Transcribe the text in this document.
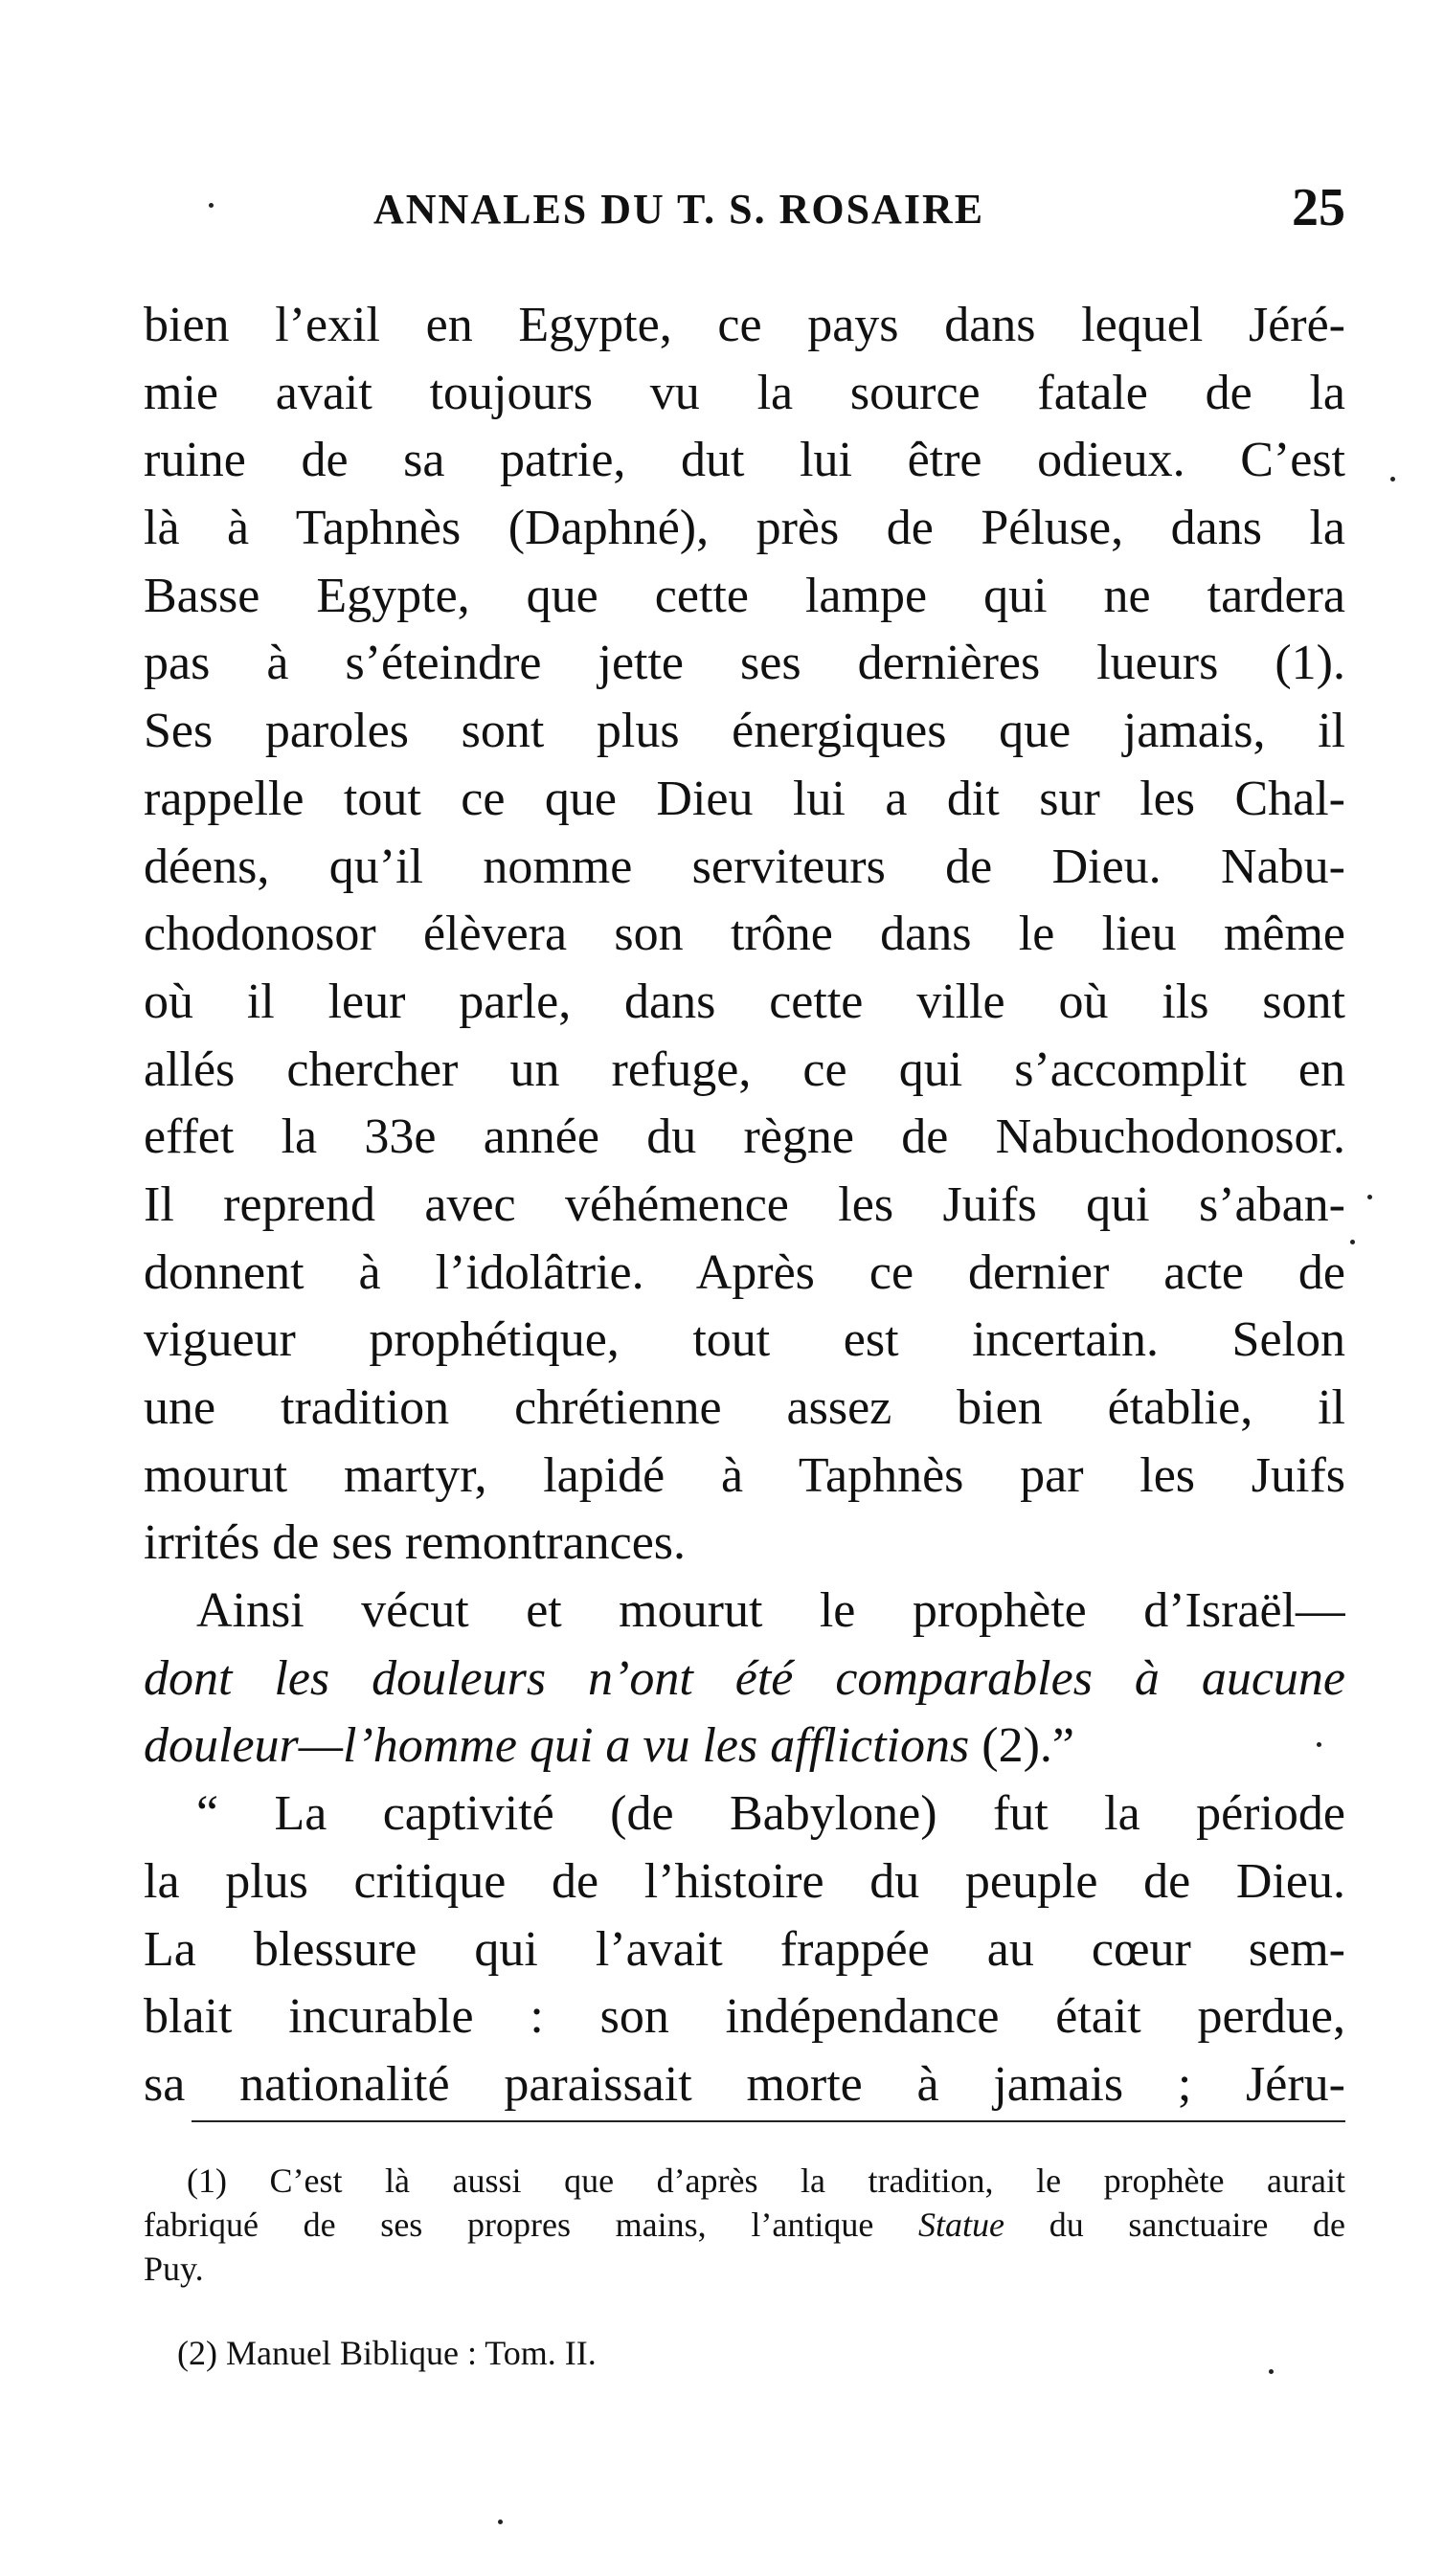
ANNALES DU T. S. ROSAIRE	25
bien l’exil en Egypte, ce pays dans lequel Jéré-
mie avait toujours vu la source fatale de la
ruine de sa patrie, dut lui être odieux. C’est
là à Taphnès (Daphné), près de Péluse, dans la
Basse Egypte, que cette lampe qui ne tardera
pas à s’éteindre jette ses dernières lueurs (1).
Ses paroles sont plus énergiques que jamais, il
rappelle tout ce que Dieu lui a dit sur les Chal-
déens, qu’il nomme serviteurs de Dieu. Nabu-
chodonosor élèvera son trône dans le lieu même
où il leur parle, dans cette ville où ils sont
allés chercher un refuge, ce qui s’accomplit en
effet la 33e année du règne de Nabuchodonosor.
Il reprend avec véhémence les Juifs qui s’aban-
donnent à l’idolâtrie. Après ce dernier acte de
vigueur prophétique, tout est incertain. Selon
une tradition chrétienne assez bien établie, il
mourut martyr, lapidé à Taphnès par les Juifs
irrités de ses remontrances.
Ainsi vécut et mourut le prophète d’Israël—
dont les douleurs n’ont été comparables à aucune
douleur—l’homme qui a vu les afflictions (2).”
“ La captivité (de Babylone) fut la période
la plus critique de l’histoire du peuple de Dieu.
La blessure qui l’avait frappée au cœur sem-
blait incurable : son indépendance était perdue,
sa nationalité paraissait morte à jamais ; Jéru-
(1) C’est là aussi que d’après la tradition, le prophète aurait
fabriqué de ses propres mains, l’antique Statue du sanctuaire de
Puy.
(2) Manuel Biblique : Tom. II.
